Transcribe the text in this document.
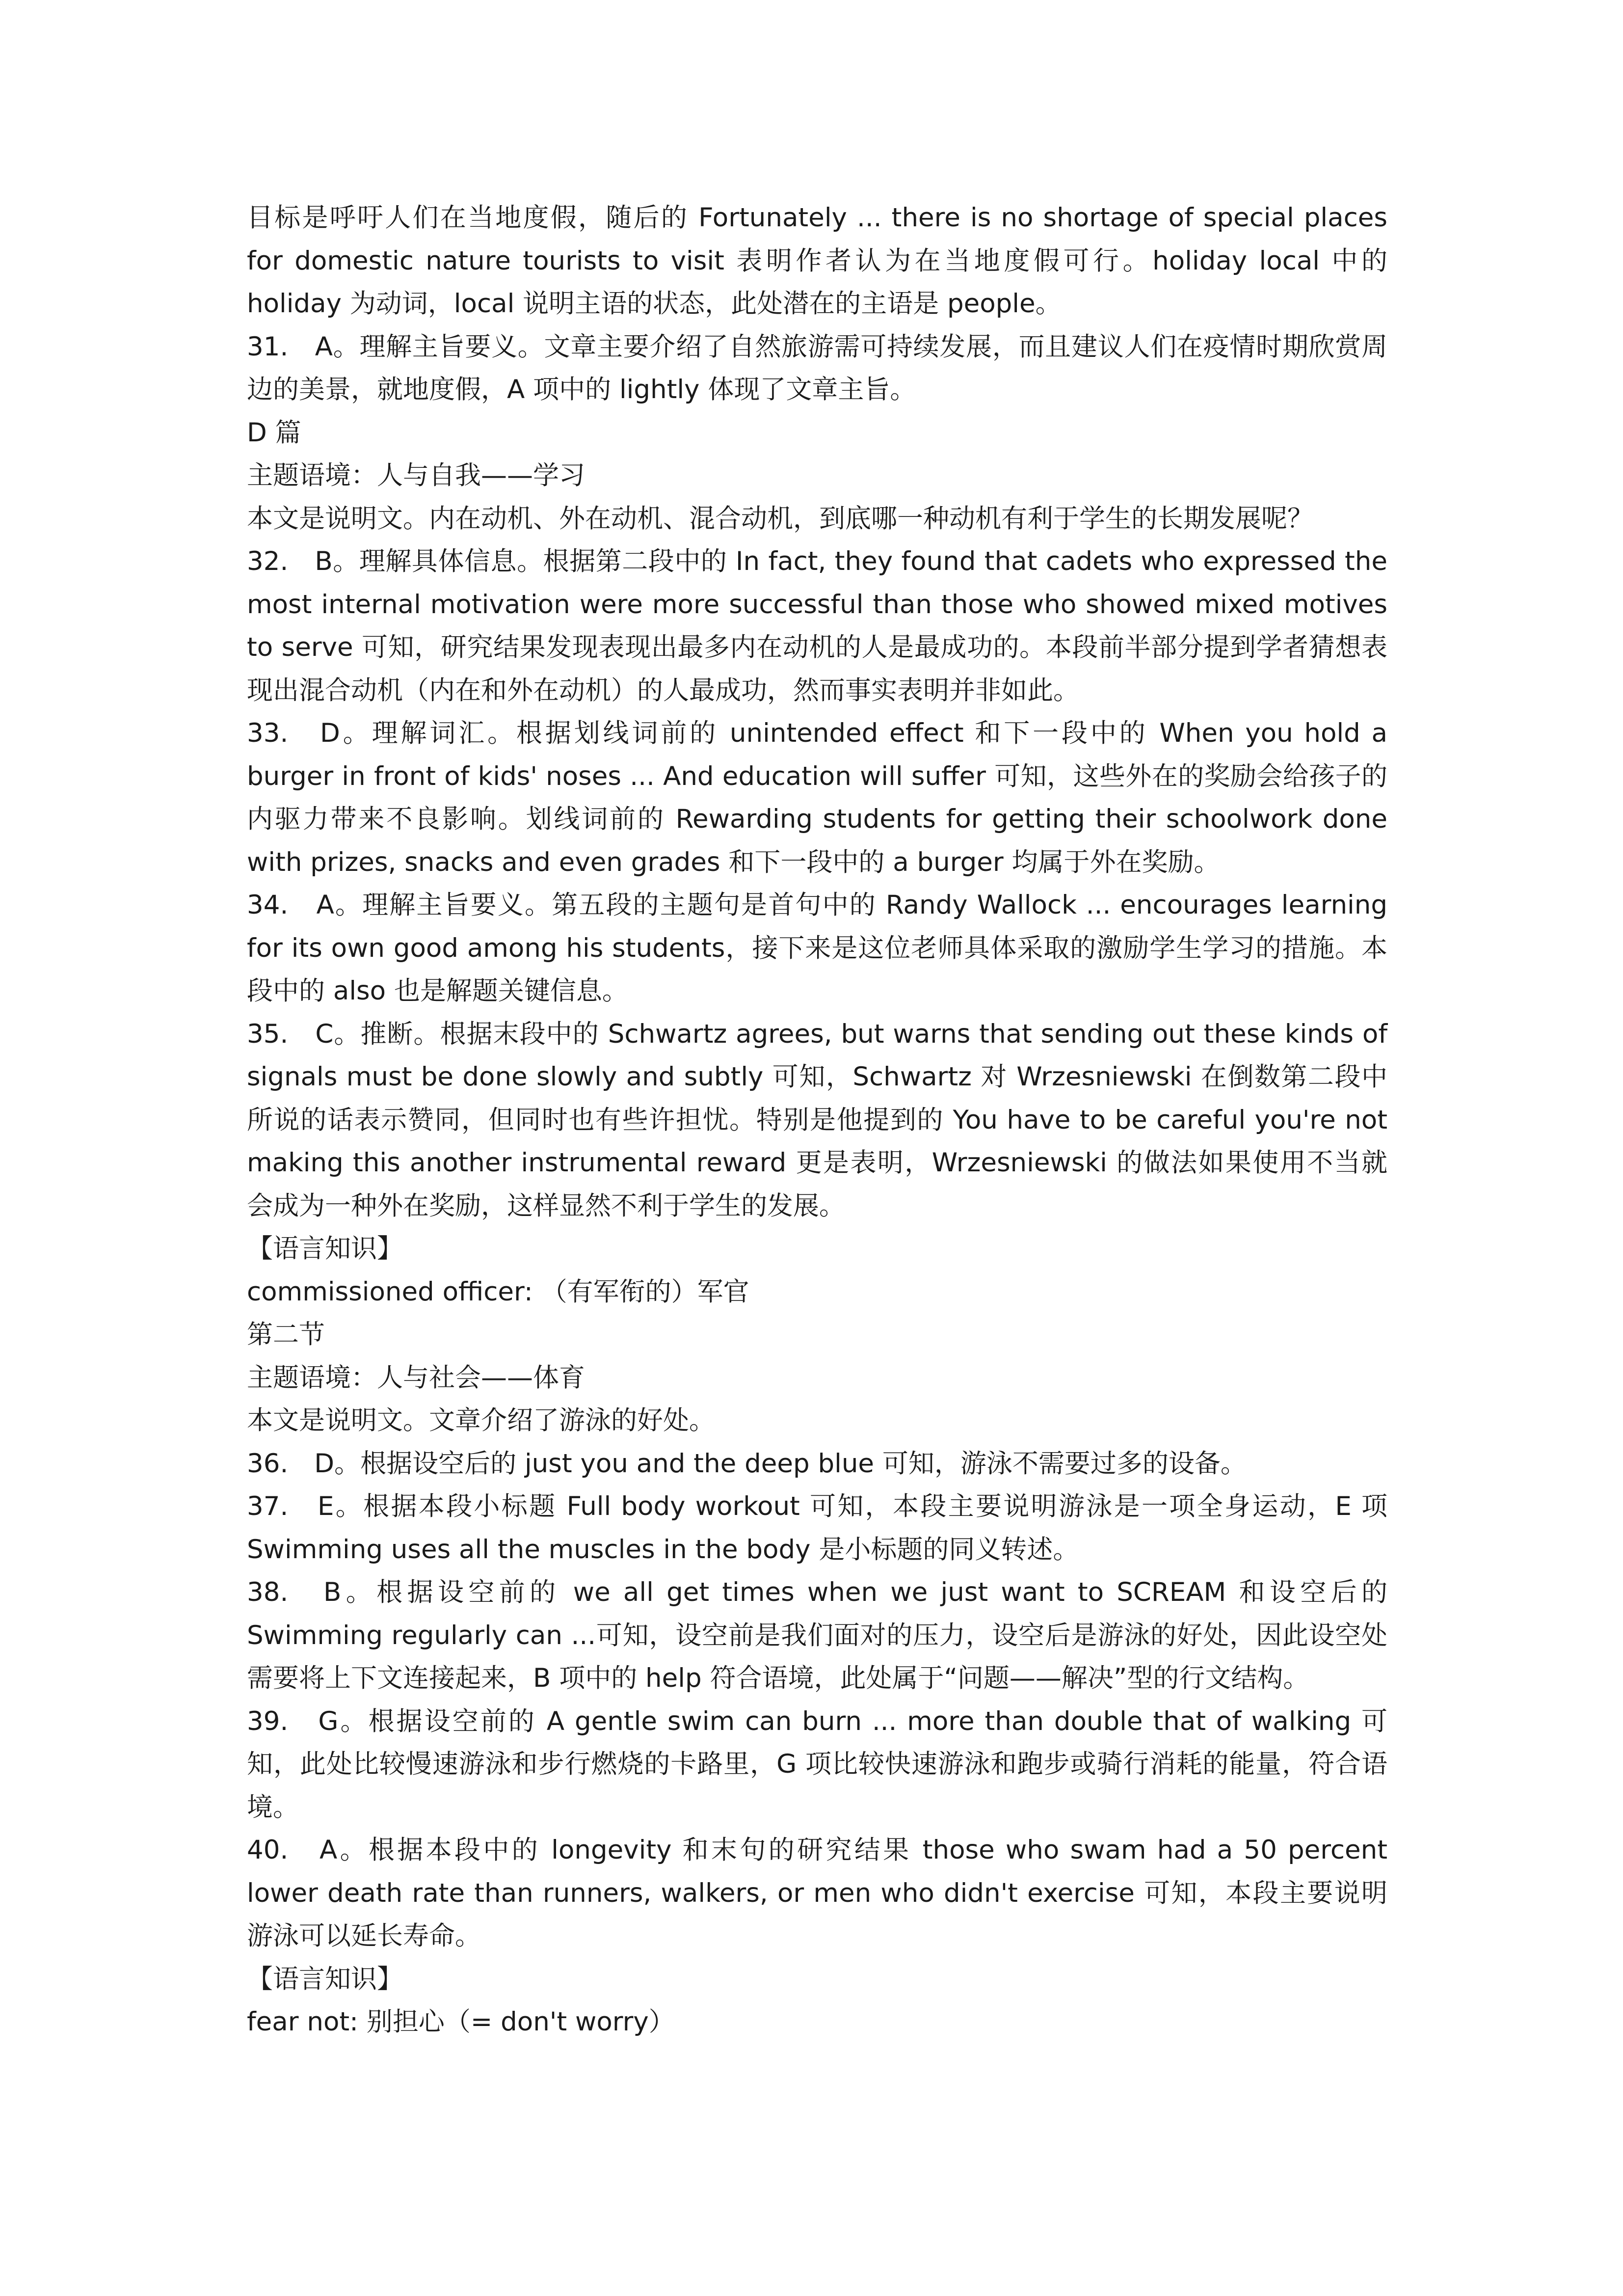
目标是呼吁人们在当地度假，随后的 Fortunately ... there is no shortage of special places for domestic nature tourists to visit 表明作者认为在当地度假可行。holiday local 中的 holiday 为动词，local 说明主语的状态，此处潜在的主语是 people。

31.　A。理解主旨要义。文章主要介绍了自然旅游需可持续发展，而且建议人们在疫情时期欣赏周边的美景，就地度假，A 项中的 lightly 体现了文章主旨。

D 篇

主题语境：人与自我——学习

本文是说明文。内在动机、外在动机、混合动机，到底哪一种动机有利于学生的长期发展呢？

32.　B。理解具体信息。根据第二段中的 In fact, they found that cadets who expressed the most internal motivation were more successful than those who showed mixed motives to serve 可知，研究结果发现表现出最多内在动机的人是最成功的。本段前半部分提到学者猜想表现出混合动机（内在和外在动机）的人最成功，然而事实表明并非如此。

33.　D。理解词汇。根据划线词前的 unintended effect 和下一段中的 When you hold a burger in front of kids' noses ... And education will suffer 可知，这些外在的奖励会给孩子的内驱力带来不良影响。划线词前的 Rewarding students for getting their schoolwork done with prizes, snacks and even grades 和下一段中的 a burger 均属于外在奖励。

34.　A。理解主旨要义。第五段的主题句是首句中的 Randy Wallock ... encourages learning for its own good among his students，接下来是这位老师具体采取的激励学生学习的措施。本段中的 also 也是解题关键信息。

35.　C。推断。根据末段中的 Schwartz agrees, but warns that sending out these kinds of signals must be done slowly and subtly 可知，Schwartz 对 Wrzesniewski 在倒数第二段中所说的话表示赞同，但同时也有些许担忧。特别是他提到的 You have to be careful you're not making this another instrumental reward 更是表明，Wrzesniewski 的做法如果使用不当就会成为一种外在奖励，这样显然不利于学生的发展。

【语言知识】

commissioned officer: （有军衔的）军官

第二节

主题语境：人与社会——体育

本文是说明文。文章介绍了游泳的好处。

36.　D。根据设空后的 just you and the deep blue 可知，游泳不需要过多的设备。

37.　E。根据本段小标题 Full body workout 可知，本段主要说明游泳是一项全身运动，E 项 Swimming uses all the muscles in the body 是小标题的同义转述。

38.　B。根据设空前的 we all get times when we just want to SCREAM 和设空后的 Swimming regularly can ...可知，设空前是我们面对的压力，设空后是游泳的好处，因此设空处需要将上下文连接起来，B 项中的 help 符合语境，此处属于“问题——解决”型的行文结构。

39.　G。根据设空前的 A gentle swim can burn ... more than double that of walking 可知，此处比较慢速游泳和步行燃烧的卡路里，G 项比较快速游泳和跑步或骑行消耗的能量，符合语境。

40.　A。根据本段中的 longevity 和末句的研究结果 those who swam had a 50 percent lower death rate than runners, walkers, or men who didn't exercise 可知，本段主要说明游泳可以延长寿命。

【语言知识】

fear not: 别担心（= don't worry）
